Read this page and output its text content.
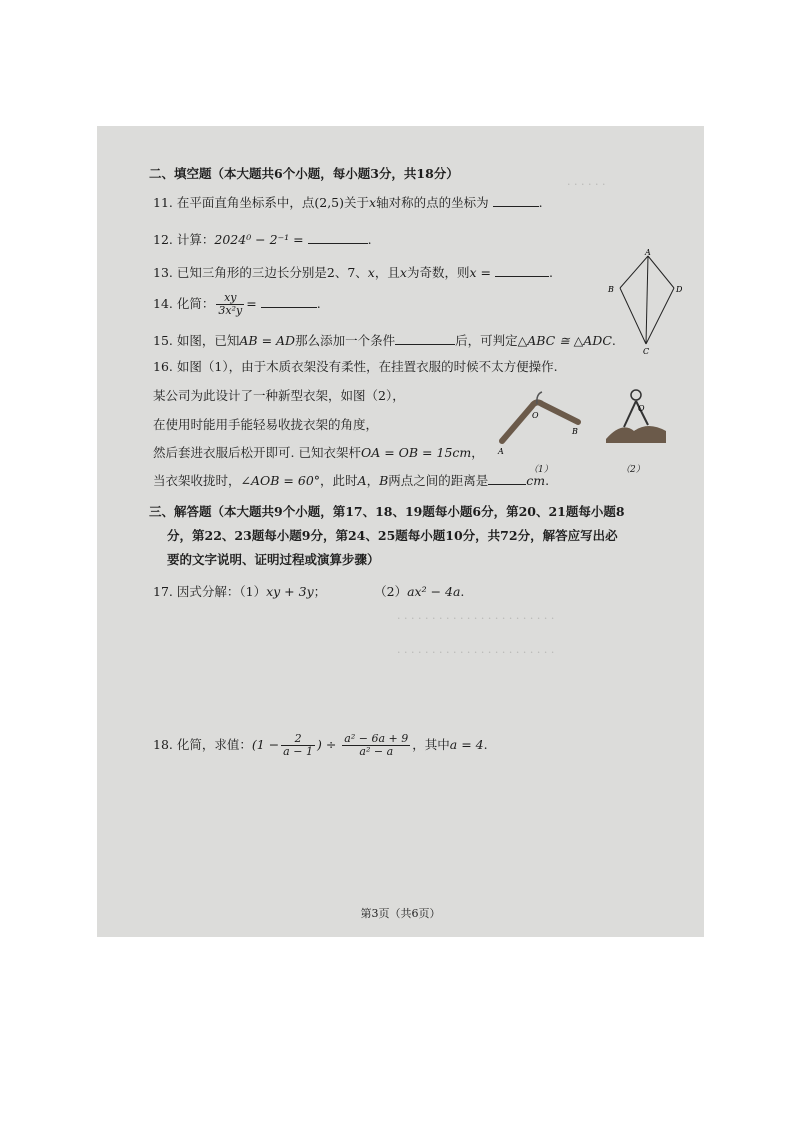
· · · · · ·
二、填空题（本大题共6个小题，每小题3分，共18分）
11. 在平面直角坐标系中，点(2,5)关于x轴对称的点的坐标为	.
12. 计算：2024⁰ − 2⁻¹ =	.
13. 已知三角形的三边长分别是2、7、x，且x为奇数，则x =	.
14. 化简： $\frac{xy}{\text{3x²y}}$ =	.
15. 如图，已知AB = AD那么添加一个条件	后，可判定△ABC ≅ △ADC.
16. 如图（1），由于木质衣架没有柔性，在挂置衣服的时候不太方便操作.
某公司为此设计了一种新型衣架，如图（2），
在使用时能用手能轻易收拢衣架的角度，
然后套进衣服后松开即可. 已知衣架杆OA = OB = 15cm，
当衣架收拢时，∠AOB = 60°，此时A，B两点之间的距离是	cm.
A
B	D
C
O
A
B
O
（1）	（2）
三、解答题（本大题共9个小题，第17、18、19题每小题6分，第20、21题每小题8
分，第22、23题每小题9分，第24、25题每小题10分，共72分，解答应写出必
要的文字说明、证明过程或演算步骤）
17. 因式分解：（1）xy + 3y；	（2）ax² − 4a.
· · · · · · · · · · · · · · · · · · · · · · ·
· · · · · · · · · · · · · · · · · · · · · · ·
18. 化简，求值：($1 - \frac{2}{a - 1}$ ) ÷ $\frac{\text{a² − 6a + 9}}{\text{a² − a}}$ ，其中a = 4.
第3页（共6页）
